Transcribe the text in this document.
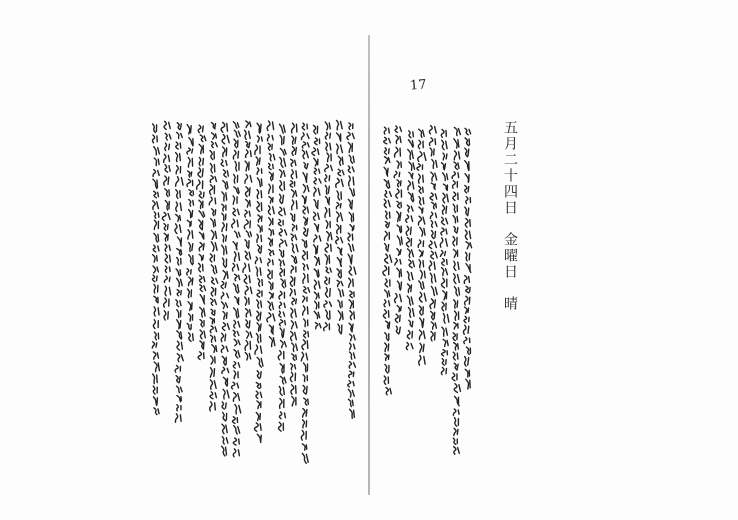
17
五月二十四日　金曜日　晴
